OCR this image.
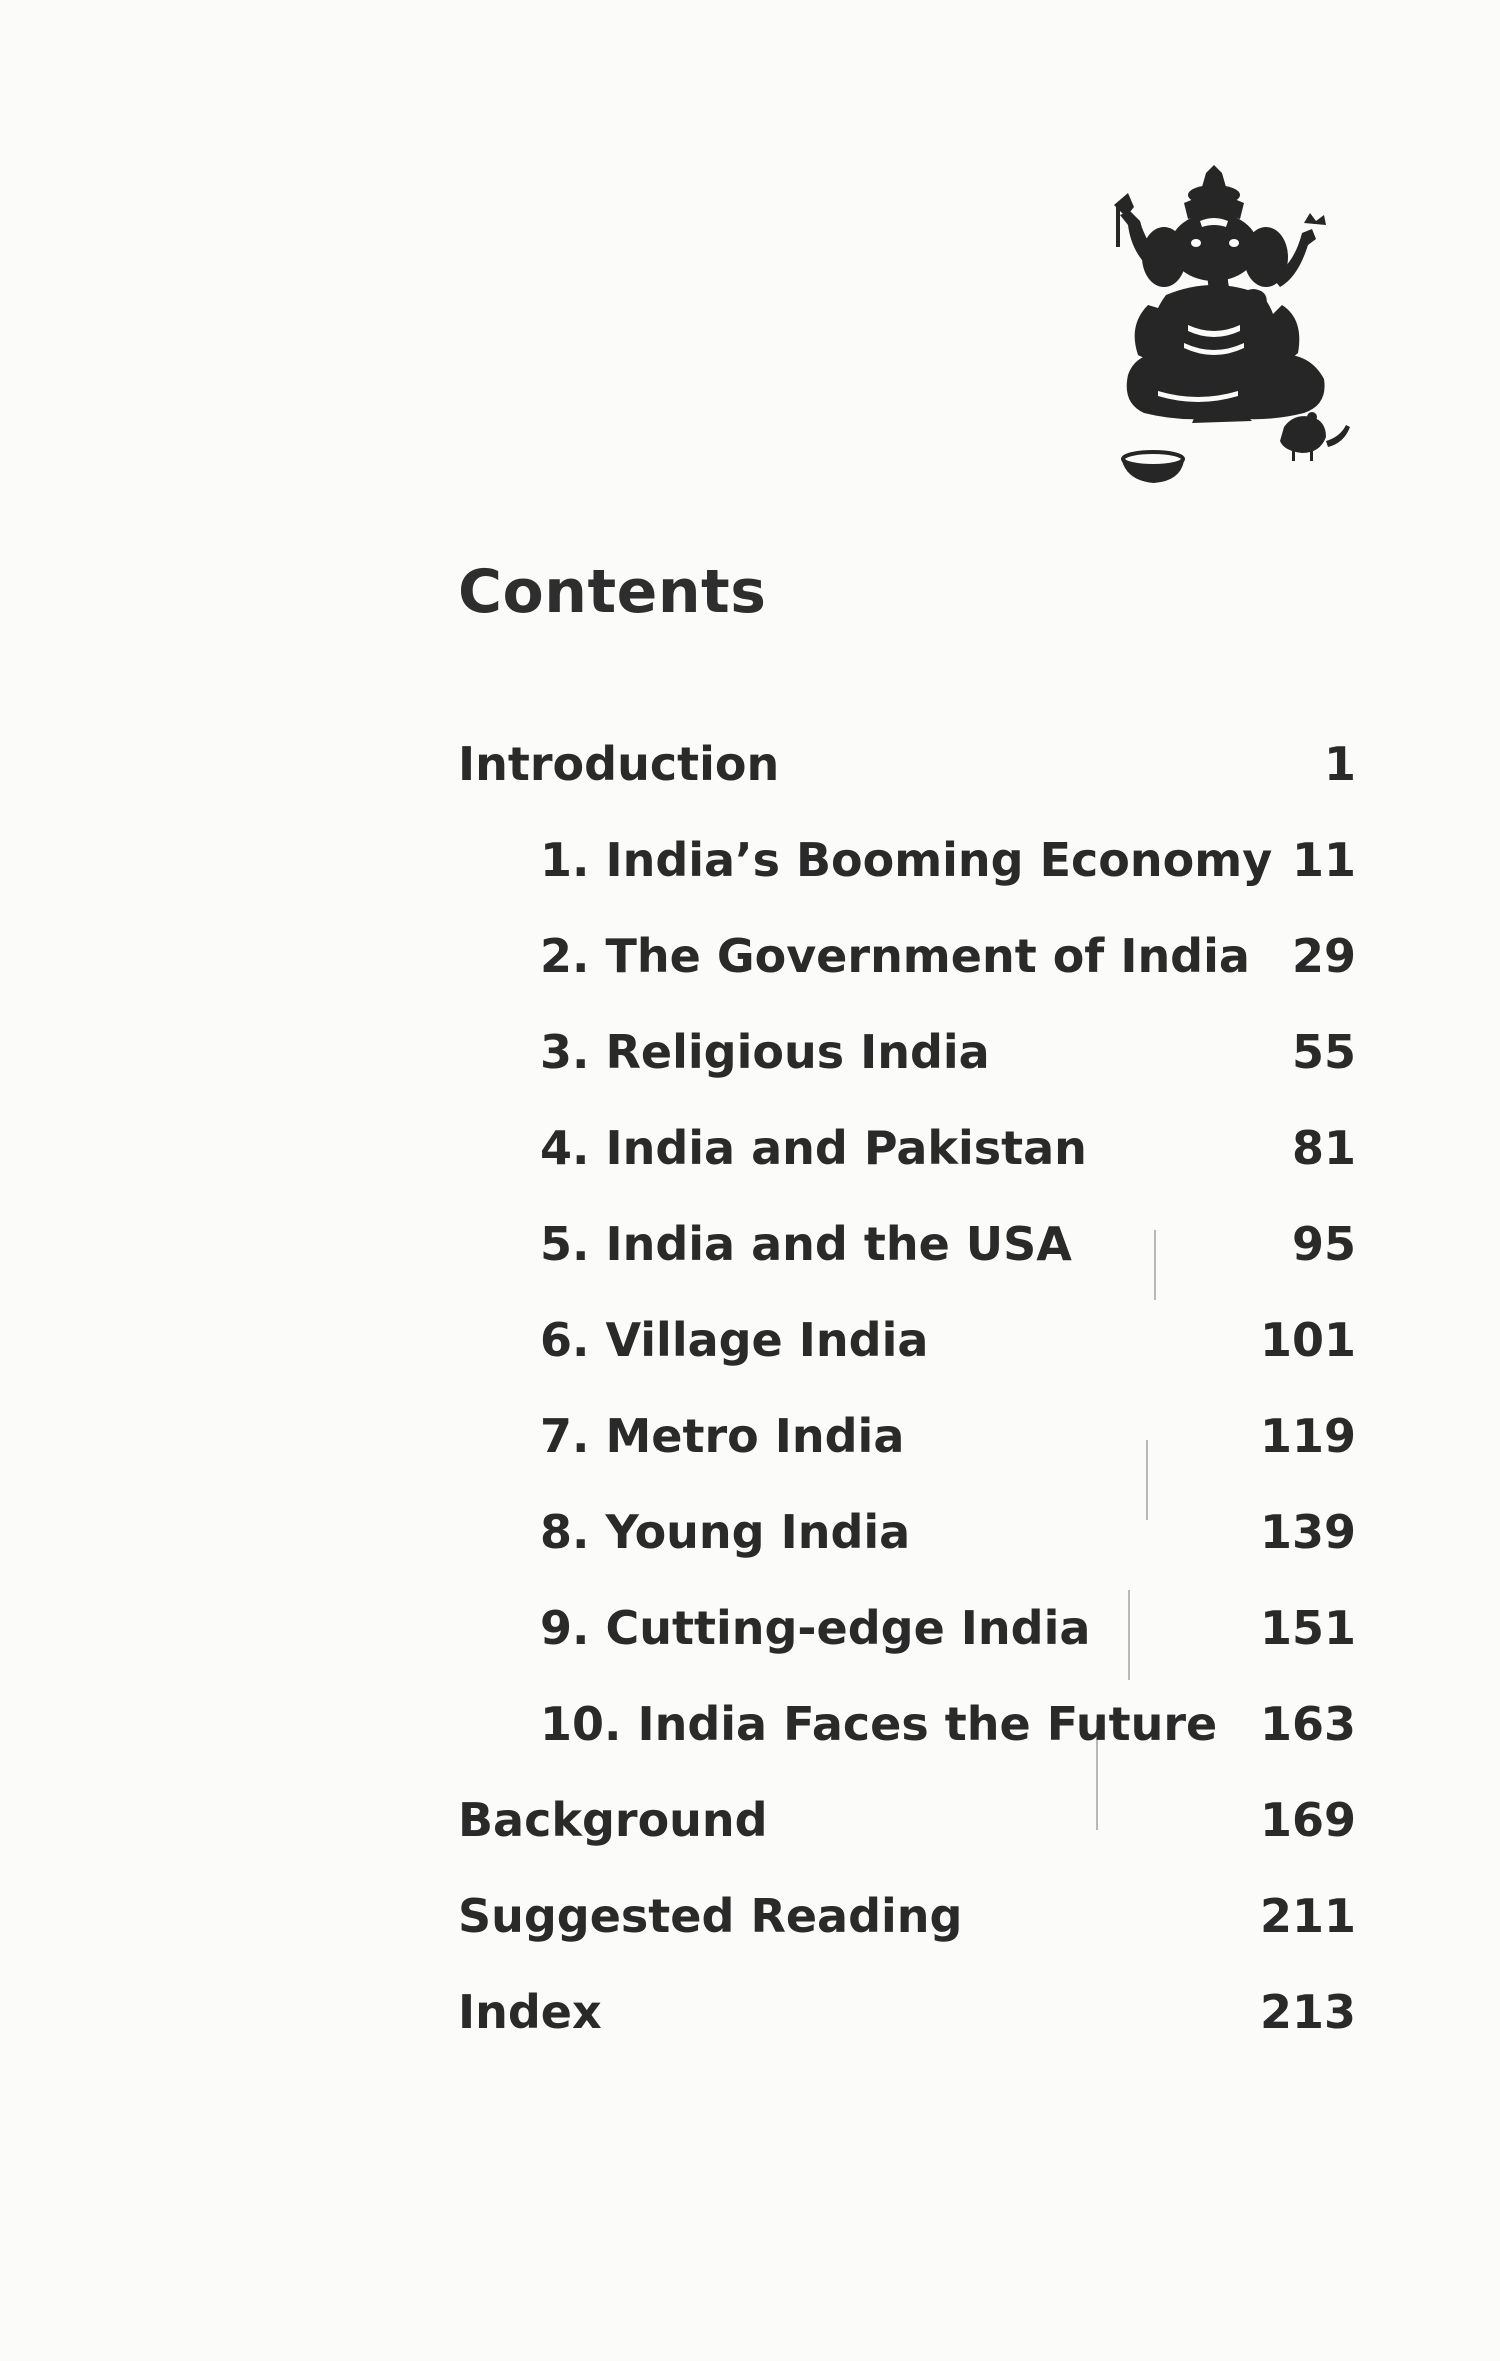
Contents
Introduction	1
1. India’s Booming Economy 11
2. The Government of India 29
3. Religious India	55
4. India and Pakistan	81
5. India and the USA	95
6. Village India	101
7. Metro India	119
8. Young India	139
9. Cutting-edge India	151
10. India Faces the Future 163
Background	169
Suggested Reading	211
Index	213
